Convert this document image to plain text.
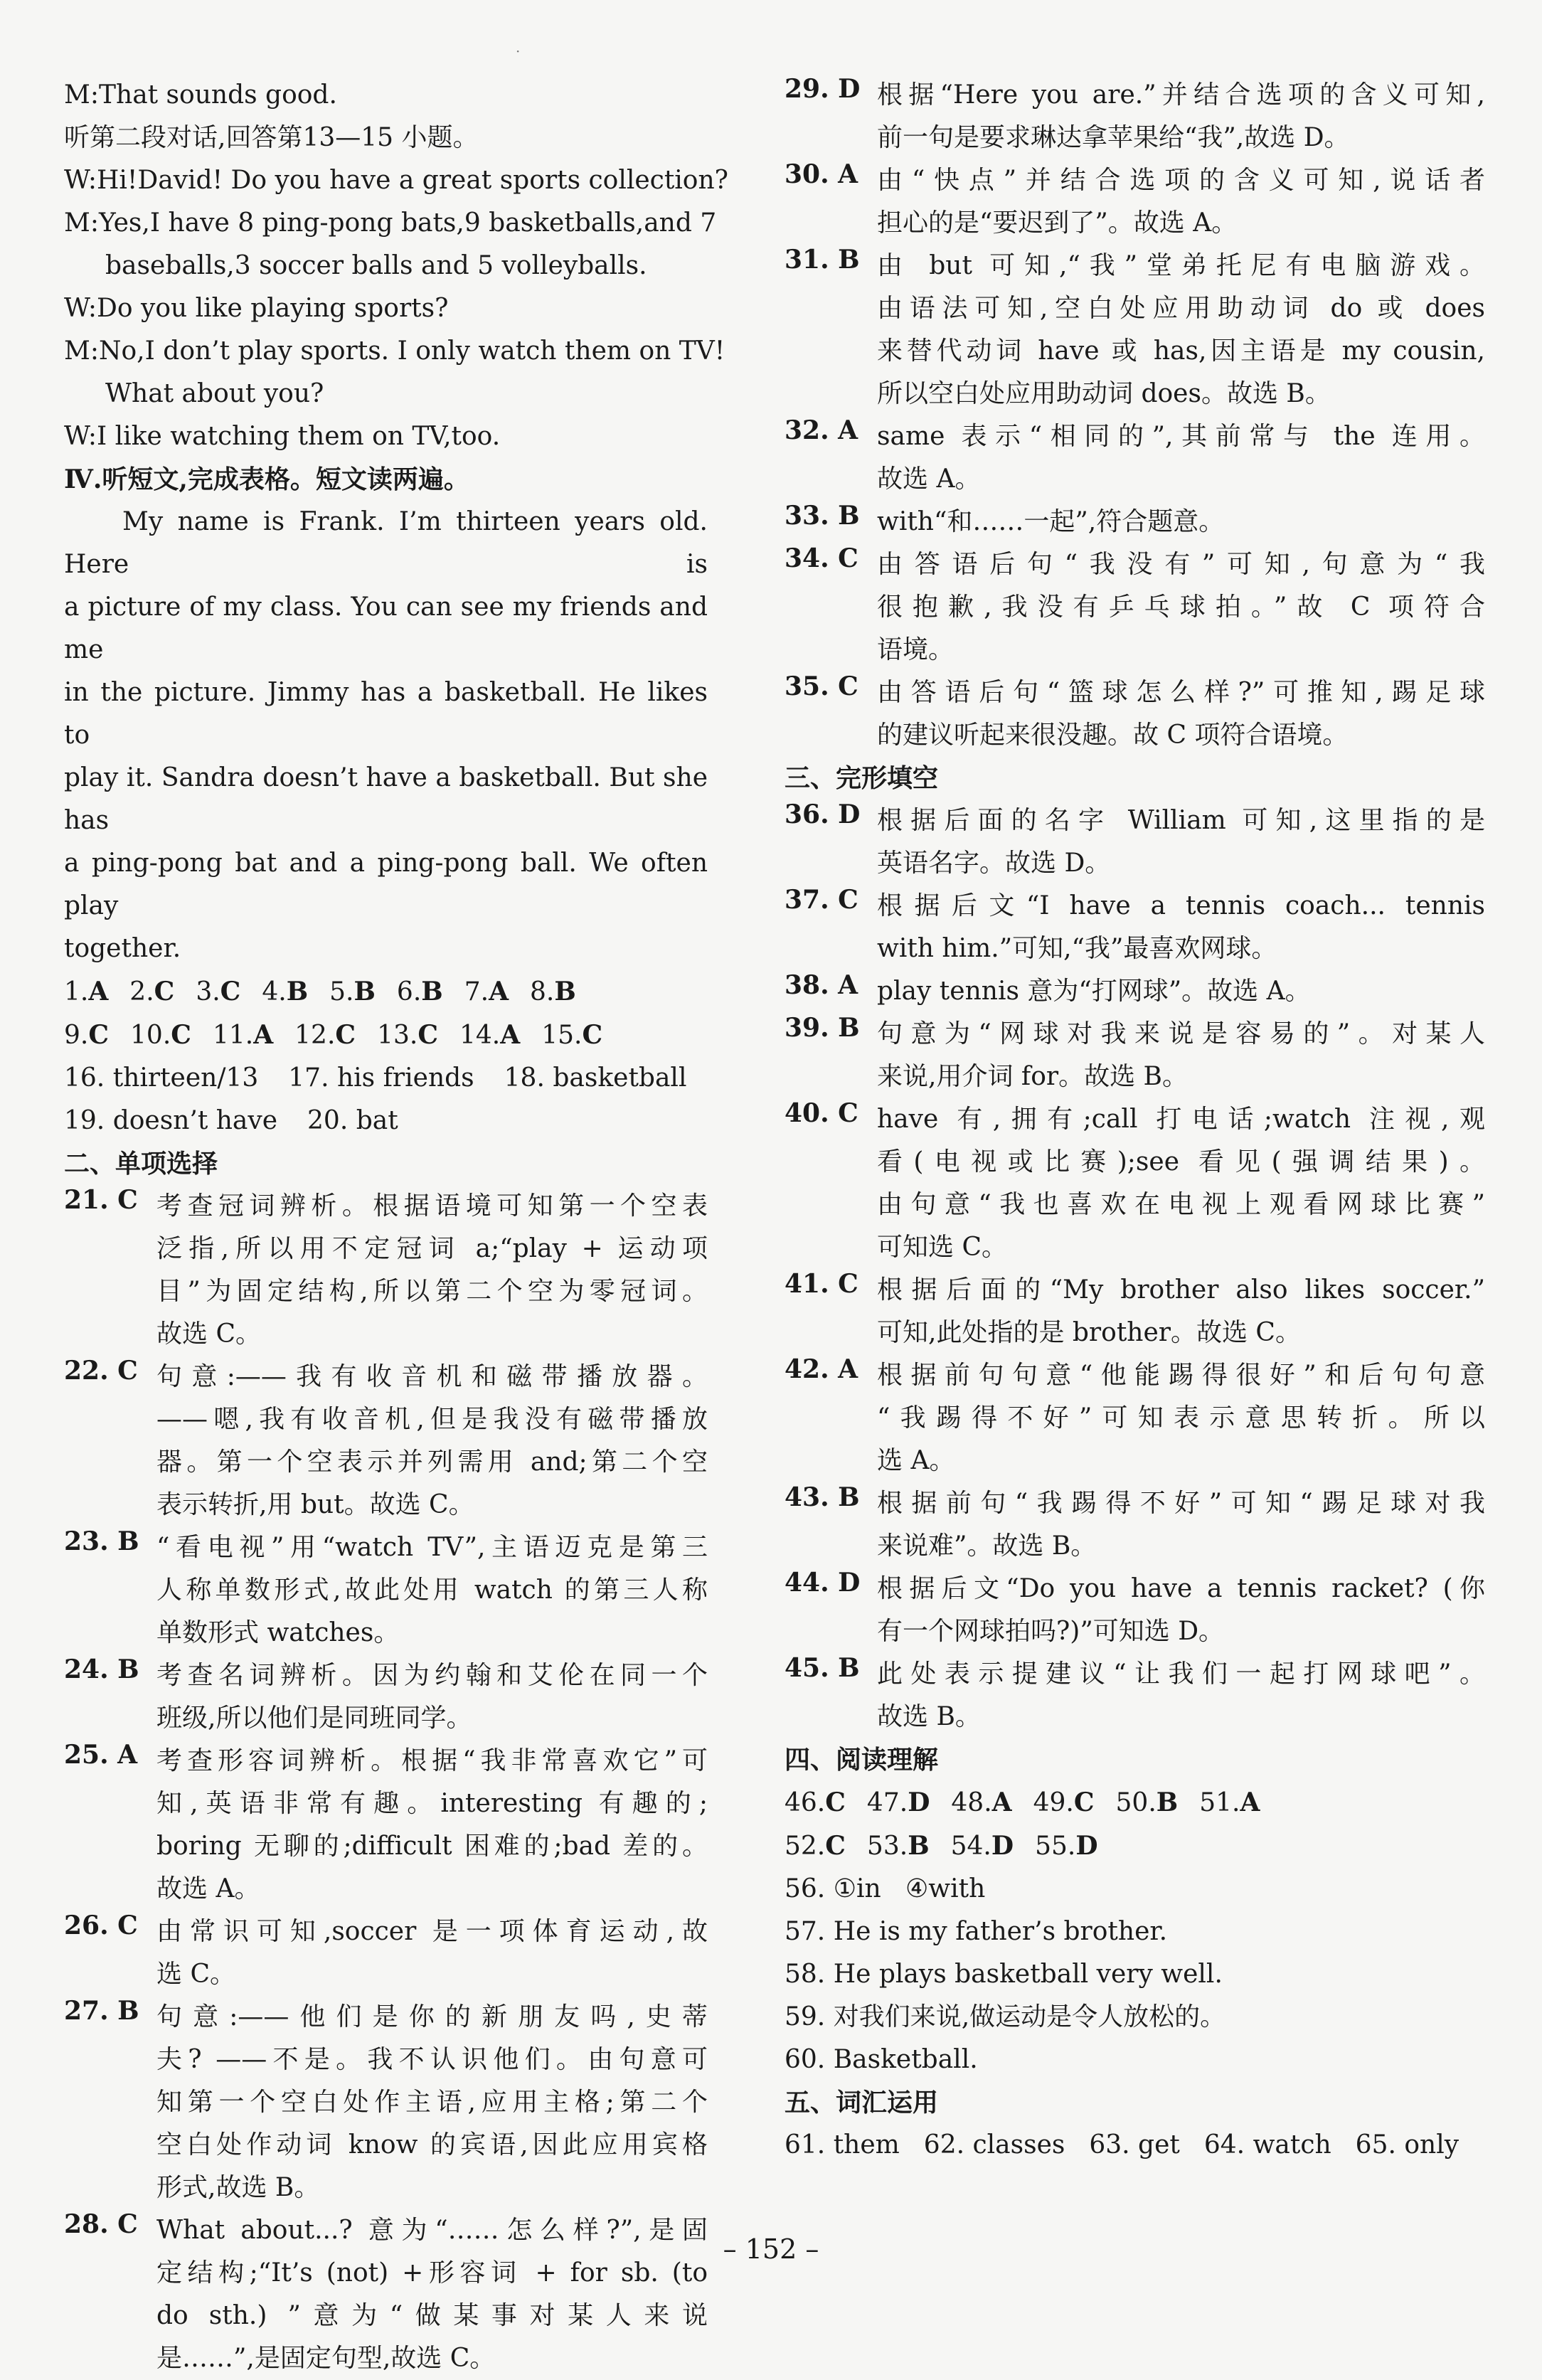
·
M:That sounds good.
听第二段对话,回答第13—15 小题。
W:Hi!David! Do you have a great sports collection?
M:Yes,I have 8 ping-pong bats,9 basketballs,and 7
baseballs,3 soccer balls and 5 volleyballs.
W:Do you like playing sports?
M:No,I don’t play sports. I only watch them on TV!
What about you?
W:I like watching them on TV,too.
Ⅳ.听短文,完成表格。短文读两遍。
My name is Frank. I’m thirteen years old. Here is
a picture of my class. You can see my friends and me
in the picture. Jimmy has a basketball. He likes to
play it. Sandra doesn’t have a basketball. But she has
a ping-pong bat and a ping-pong ball. We often play
together.
1.A 2.C 3.C 4.B 5.B 6.B 7.A 8.B
9.C 10.C 11.A 12.C 13.C 14.A 15.C
16. thirteen/13 17. his friends 18. basketball
19. doesn’t have 20. bat
二、单项选择
21. C 考查冠词辨析。根据语境可知第一个空表
泛指,所以用不定冠词 a;“play + 运动项
目”为固定结构,所以第二个空为零冠词。
故选 C。
22. C 句意:——我有收音机和磁带播放器。
——嗯,我有收音机,但是我没有磁带播放
器。第一个空表示并列需用 and;第二个空
表示转折,用 but。故选 C。
23. B “看电视”用“watch TV”,主语迈克是第三
人称单数形式,故此处用 watch 的第三人称
单数形式 watches。
24. B 考查名词辨析。因为约翰和艾伦在同一个
班级,所以他们是同班同学。
25. A 考查形容词辨析。根据“我非常喜欢它”可
知,英语非常有趣。interesting 有趣的;
boring 无聊的;difficult 困难的;bad 差的。
故选 A。
26. C 由常识可知,soccer 是一项体育运动,故
选 C。
27. B 句意:——他们是你的新朋友吗,史蒂
夫? ——不是。我不认识他们。由句意可
知第一个空白处作主语,应用主格;第二个
空白处作动词 know 的宾语,因此应用宾格
形式,故选 B。
28. C What about...? 意为“……怎么样?”,是固
定结构;“It’s (not) +形容词 + for sb. (to
do sth.) ”意为“做某事对某人来说
是……”,是固定句型,故选 C。
29. D 根据“Here you are.”并结合选项的含义可知,
前一句是要求琳达拿苹果给“我”,故选 D。
30. A 由“快点”并结合选项的含义可知,说话者
担心的是“要迟到了”。故选 A。
31. B 由 but 可知,“我”堂弟托尼有电脑游戏。
由语法可知,空白处应用助动词 do 或 does
来替代动词 have 或 has,因主语是 my cousin,
所以空白处应用助动词 does。故选 B。
32. A same 表示“相同的”,其前常与 the 连用。
故选 A。
33. B with“和……一起”,符合题意。
34. C 由答语后句“我没有”可知,句意为“我
很抱歉,我没有乒乓球拍。”故 C 项符合
语境。
35. C 由答语后句“篮球怎么样?”可推知,踢足球
的建议听起来很没趣。故 C 项符合语境。
三、完形填空
36. D 根据后面的名字 William 可知,这里指的是
英语名字。故选 D。
37. C 根据后文“I have a tennis coach... tennis
with him.”可知,“我”最喜欢网球。
38. A play tennis 意为“打网球”。故选 A。
39. B 句意为“网球对我来说是容易的”。对某人
来说,用介词 for。故选 B。
40. C have 有,拥有;call 打电话;watch 注视,观
看(电视或比赛);see 看见(强调结果)。
由句意“我也喜欢在电视上观看网球比赛”
可知选 C。
41. C 根据后面的“My brother also likes soccer.”
可知,此处指的是 brother。故选 C。
42. A 根据前句句意“他能踢得很好”和后句句意
“我踢得不好”可知表示意思转折。所以
选 A。
43. B 根据前句“我踢得不好”可知“踢足球对我
来说难”。故选 B。
44. D 根据后文“Do you have a tennis racket? (你
有一个网球拍吗?)”可知选 D。
45. B 此处表示提建议“让我们一起打网球吧”。
故选 B。
四、阅读理解
46.C 47.D 48.A 49.C 50.B 51.A
52.C 53.B 54.D 55.D
56. ①in   ④with
57. He is my father’s brother.
58. He plays basketball very well.
59. 对我们来说,做运动是令人放松的。
60. Basketball.
五、词汇运用
61. them 62. classes 63. get 64. watch 65. only
– 152 –
